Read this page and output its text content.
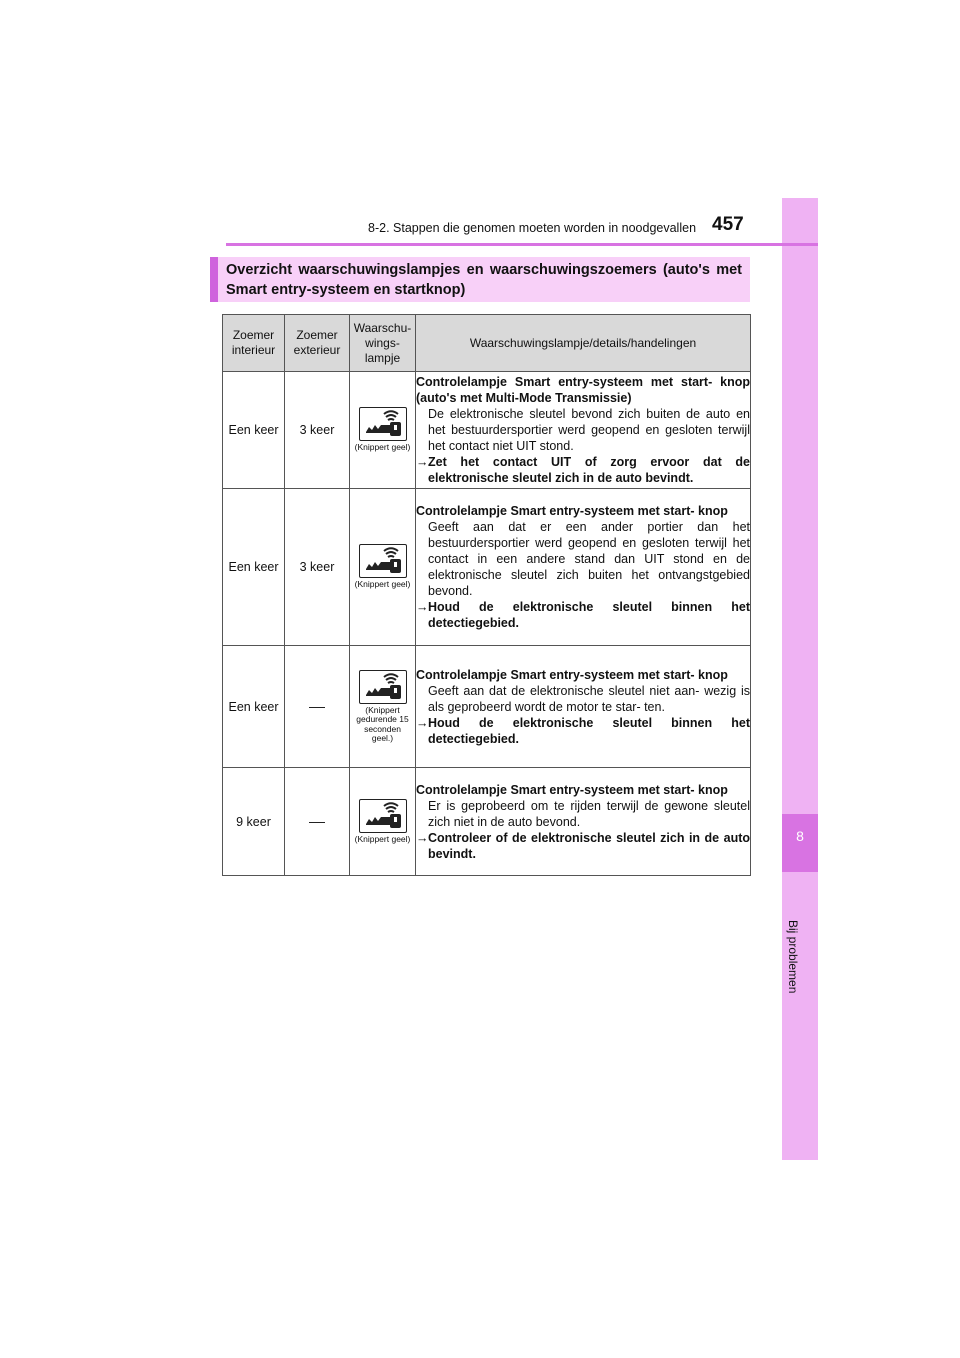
8
Bij problemen
8-2. Stappen die genomen moeten worden in noodgevallen 457
Overzicht waarschuwingslampjes en waarschuwingszoemers (auto's met Smart entry-systeem en startknop)
Zoemer interieur	Zoemer exterieur	Waarschu- wings- lampje	Waarschuwingslampje/details/handelingen
Een keer	3 keer	(Knippert geel)	Controlelampje Smart entry-systeem met start- knop (auto's met Multi-Mode Transmissie)
De elektronische sleutel bevond zich buiten de auto en het bestuurdersportier werd geopend en gesloten terwijl het contact niet UIT stond.
→ Zet het contact UIT of zorg ervoor dat de elektronische sleutel zich in de auto bevindt.

Een keer	3 keer	(Knippert geel)	Controlelampje Smart entry-systeem met start- knop
Geeft aan dat er een ander portier dan het bestuurdersportier werd geopend en gesloten terwijl het contact in een andere stand dan UIT stond en de elektronische sleutel zich buiten het ontvangstgebied bevond.
→ Houd de elektronische sleutel binnen het detectiegebied.

Een keer		(Knippert gedurende 15 seconden geel.)	Controlelampje Smart entry-systeem met start- knop
Geeft aan dat de elektronische sleutel niet aan- wezig is als geprobeerd wordt de motor te star- ten.
→ Houd de elektronische sleutel binnen het detectiegebied.

9 keer		(Knippert geel)	Controlelampje Smart entry-systeem met start- knop
Er is geprobeerd om te rijden terwijl de gewone sleutel zich niet in de auto bevond.
→ Controleer of de elektronische sleutel zich in de auto bevindt.
